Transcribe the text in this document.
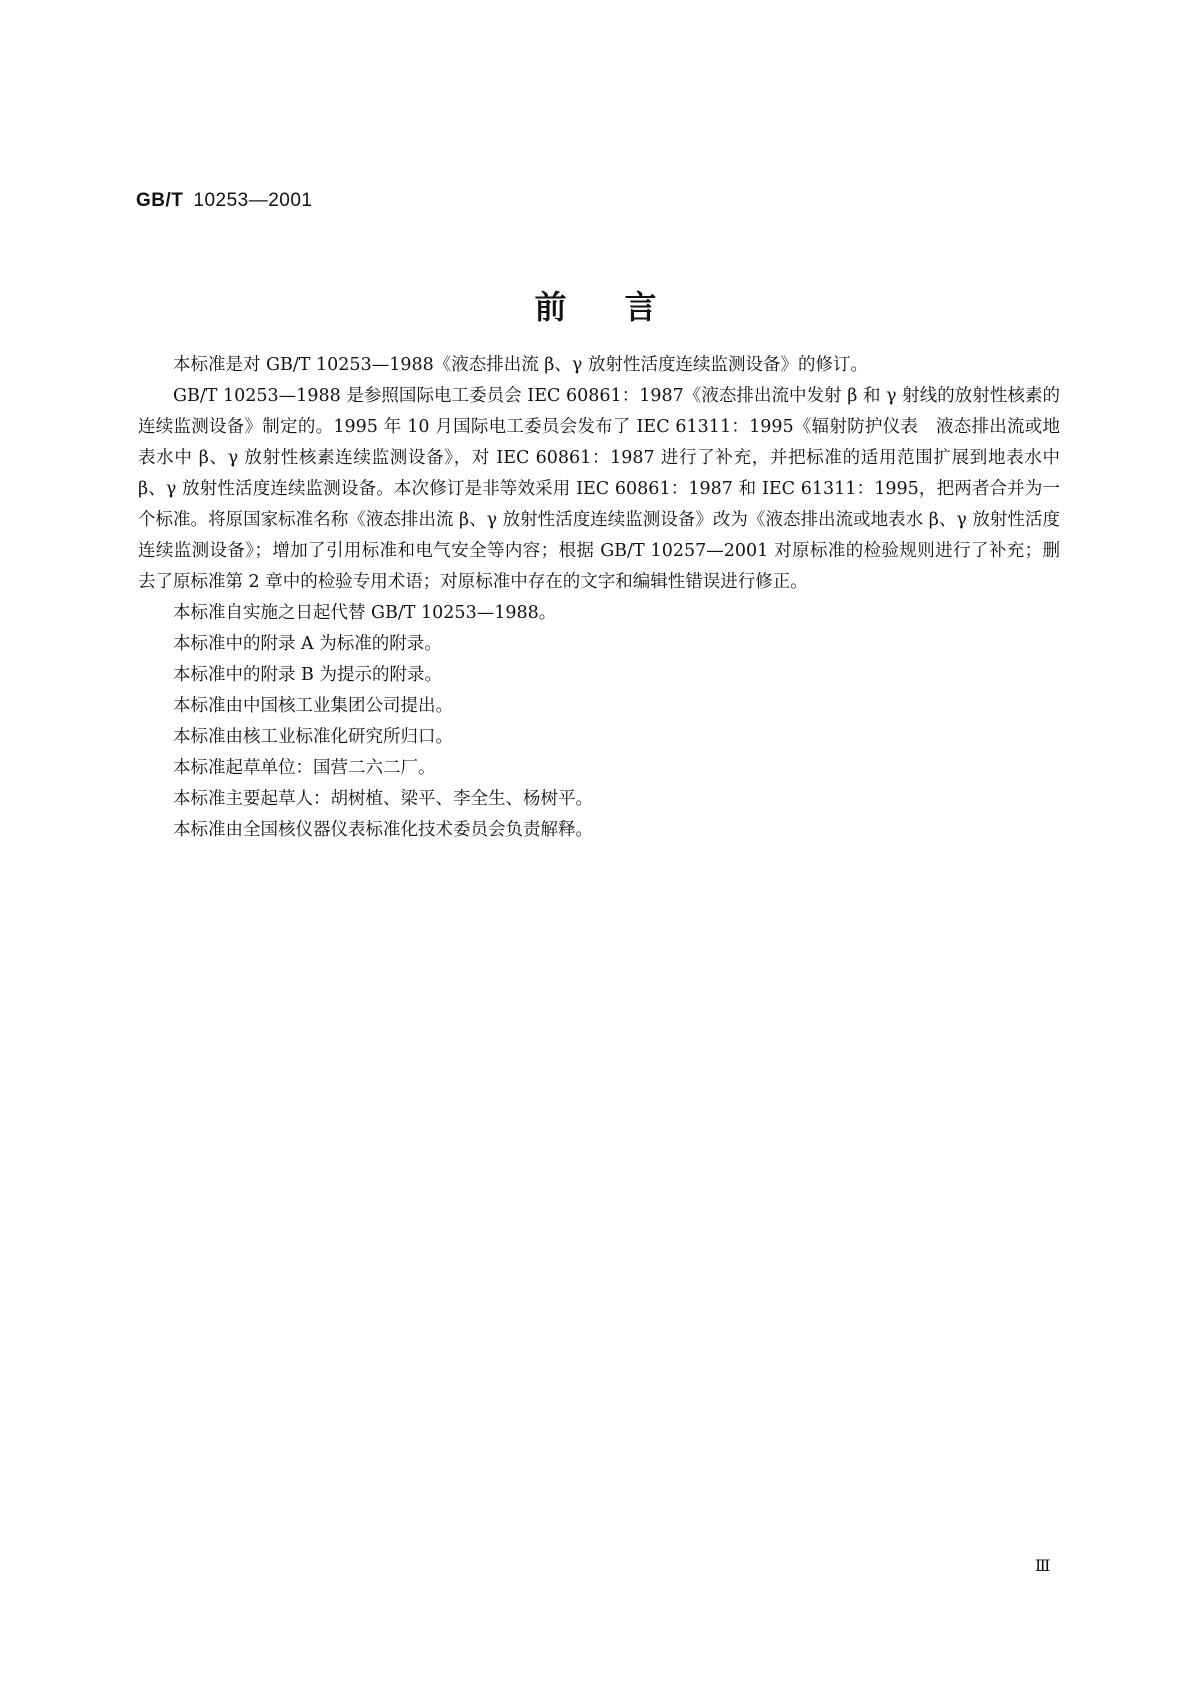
GB/T 10253—2001
前言

本标准是对 GB/T 10253—1988《液态排出流 β、γ 放射性活度连续监测设备》的修订。

GB/T 10253—1988 是参照国际电工委员会 IEC 60861：1987《液态排出流中发射 β 和 γ 射线的放射性核素的连续监测设备》制定的。1995 年 10 月国际电工委员会发布了 IEC 61311：1995《辐射防护仪表　液态排出流或地表水中 β、γ 放射性核素连续监测设备》，对 IEC 60861：1987 进行了补充，并把标准的适用范围扩展到地表水中 β、γ 放射性活度连续监测设备。本次修订是非等效采用 IEC 60861：1987 和 IEC 61311：1995，把两者合并为一个标准。将原国家标准名称《液态排出流 β、γ 放射性活度连续监测设备》改为《液态排出流或地表水 β、γ 放射性活度连续监测设备》；增加了引用标准和电气安全等内容；根据 GB/T 10257—2001 对原标准的检验规则进行了补充；删去了原标准第 2 章中的检验专用术语；对原标准中存在的文字和编辑性错误进行修正。

本标准自实施之日起代替 GB/T 10253—1988。

本标准中的附录 A 为标准的附录。

本标准中的附录 B 为提示的附录。

本标准由中国核工业集团公司提出。

本标准由核工业标准化研究所归口。

本标准起草单位：国营二六二厂。

本标准主要起草人：胡树植、梁平、李全生、杨树平。

本标准由全国核仪器仪表标准化技术委员会负责解释。

Ⅲ
